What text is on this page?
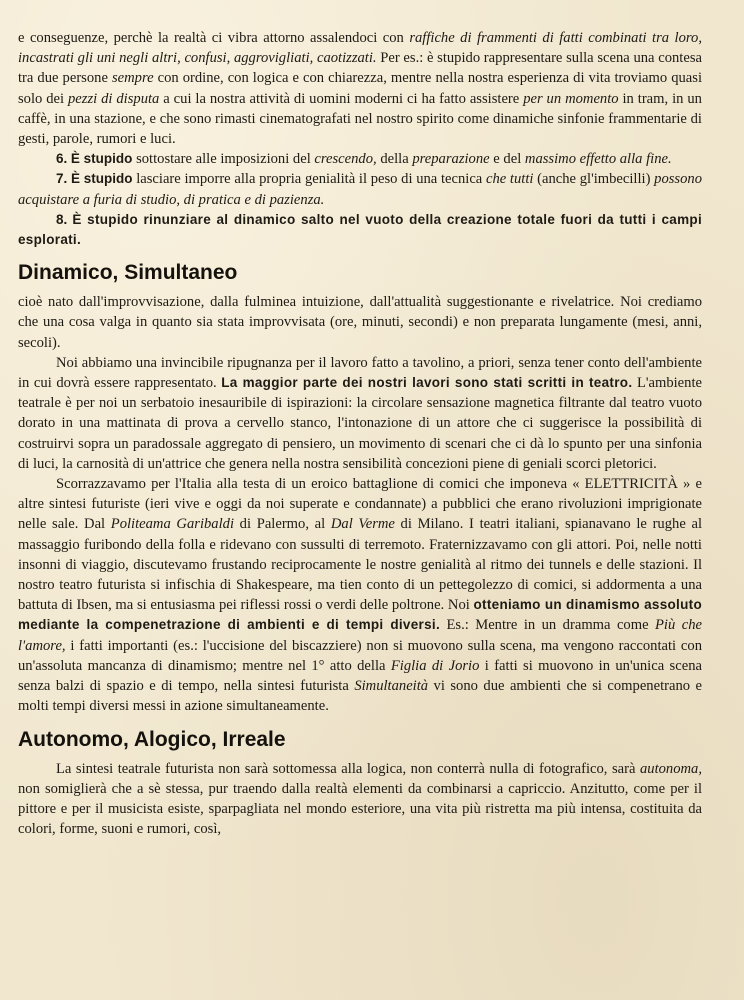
e conseguenze, perchè la realtà ci vibra attorno assalendoci con raffiche di frammenti di fatti combinati tra loro, incastrati gli uni negli altri, confusi, aggrovigliati, caotizzati. Per es.: è stupido rappresentare sulla scena una contesa tra due persone sempre con ordine, con logica e con chiarezza, mentre nella nostra esperienza di vita troviamo quasi solo dei pezzi di disputa a cui la nostra attività di uomini moderni ci ha fatto assistere per un momento in tram, in un caffè, in una stazione, e che sono rimasti cinematografati nel nostro spirito come dinamiche sinfonie frammentarie di gesti, parole, rumori e luci.

6. È stupido sottostare alle imposizioni del crescendo, della preparazione e del massimo effetto alla fine.

7. È stupido lasciare imporre alla propria genialità il peso di una tecnica che tutti (anche gl'imbecilli) possono acquistare a furia di studio, di pratica e di pazienza.

8. È stupido rinunziare al dinamico salto nel vuoto della creazione totale fuori da tutti i campi esplorati.

Dinamico, Simultaneo

cioè nato dall'improvvisazione, dalla fulminea intuizione, dall'attualità suggestionante e rivelatrice. Noi crediamo che una cosa valga in quanto sia stata improvvisata (ore, minuti, secondi) e non preparata lungamente (mesi, anni, secoli).

Noi abbiamo una invincibile ripugnanza per il lavoro fatto a tavolino, a priori, senza tener conto dell'ambiente in cui dovrà essere rappresentato. La maggior parte dei nostri lavori sono stati scritti in teatro. L'ambiente teatrale è per noi un serbatoio inesauribile di ispirazioni: la circolare sensazione magnetica filtrante dal teatro vuoto dorato in una mattinata di prova a cervello stanco, l'intonazione di un attore che ci suggerisce la possibilità di costruirvi sopra un paradossale aggregato di pensiero, un movimento di scenari che ci dà lo spunto per una sinfonia di luci, la carnosità di un'attrice che genera nella nostra sensibilità concezioni piene di geniali scorci pletorici.

Scorrazzavamo per l'Italia alla testa di un eroico battaglione di comici che imponeva « ELETTRICITÀ » e altre sintesi futuriste (ieri vive e oggi da noi superate e condannate) a pubblici che erano rivoluzioni imprigionate nelle sale. Dal Politeama Garibaldi di Palermo, al Dal Verme di Milano. I teatri italiani, spianavano le rughe al massaggio furibondo della folla e ridevano con sussulti di terremoto. Fraternizzavamo con gli attori. Poi, nelle notti insonni di viaggio, discutevamo frustando reciprocamente le nostre genialità al ritmo dei tunnels e delle stazioni. Il nostro teatro futurista si infischia di Shakespeare, ma tien conto di un pettegolezzo di comici, si addormenta a una battuta di Ibsen, ma si entusiasma pei riflessi rossi o verdi delle poltrone. Noi otteniamo un dinamismo assoluto mediante la compenetrazione di ambienti e di tempi diversi. Es.: Mentre in un dramma come Più che l'amore, i fatti importanti (es.: l'uccisione del biscazziere) non si muovono sulla scena, ma vengono raccontati con un'assoluta mancanza di dinamismo; mentre nel 1° atto della Figlia di Jorio i fatti si muovono in un'unica scena senza balzi di spazio e di tempo, nella sintesi futurista Simultaneità vi sono due ambienti che si compenetrano e molti tempi diversi messi in azione simultaneamente.

Autonomo, Alogico, Irreale

La sintesi teatrale futurista non sarà sottomessa alla logica, non conterrà nulla di fotografico, sarà autonoma, non somiglierà che a sè stessa, pur traendo dalla realtà elementi da combinarsi a capriccio. Anzitutto, come per il pittore e per il musicista esiste, sparpagliata nel mondo esteriore, una vita più ristretta ma più intensa, costituita da colori, forme, suoni e rumori, così,
